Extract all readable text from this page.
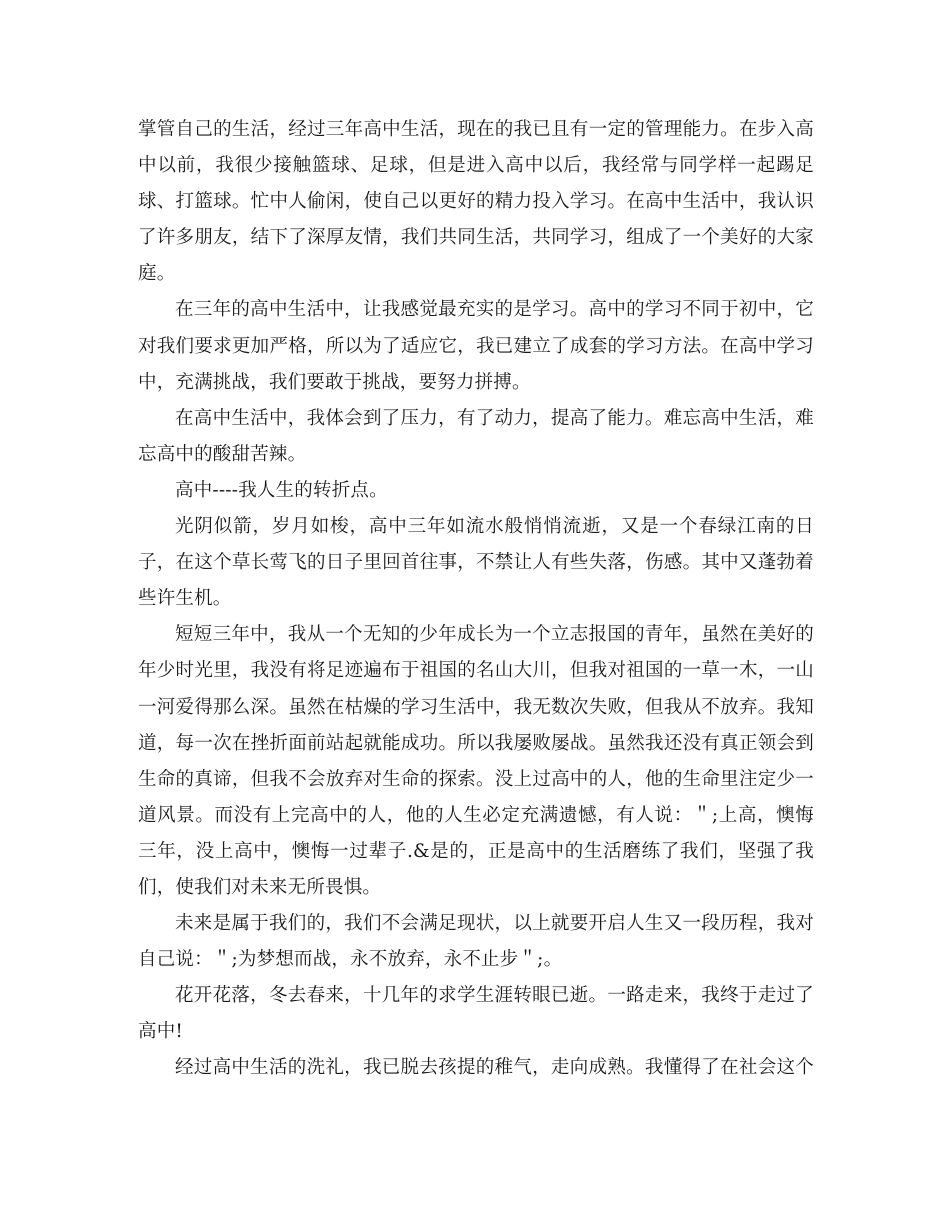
掌管自己的生活，经过三年高中生活，现在的我已且有一定的管理能力。在步入高
中以前，我很少接触篮球、足球，但是进入高中以后，我经常与同学样一起踢足
球、打篮球。忙中人偷闲，使自己以更好的精力投入学习。在高中生活中，我认识
了许多朋友，结下了深厚友情，我们共同生活，共同学习，组成了一个美好的大家
庭。
在三年的高中生活中，让我感觉最充实的是学习。高中的学习不同于初中，它
对我们要求更加严格，所以为了适应它，我已建立了成套的学习方法。在高中学习
中，充满挑战，我们要敢于挑战，要努力拼搏。
在高中生活中，我体会到了压力，有了动力，提高了能力。难忘高中生活，难
忘高中的酸甜苦辣。
高中----我人生的转折点。
光阴似箭，岁月如梭，高中三年如流水般悄悄流逝，又是一个春绿江南的日
子，在这个草长莺飞的日子里回首往事，不禁让人有些失落，伤感。其中又蓬勃着
些许生机。
短短三年中，我从一个无知的少年成长为一个立志报国的青年，虽然在美好的
年少时光里，我没有将足迹遍布于祖国的名山大川，但我对祖国的一草一木，一山
一河爱得那么深。虽然在枯燥的学习生活中，我无数次失败，但我从不放弃。我知
道，每一次在挫折面前站起就能成功。所以我屡败屡战。虽然我还没有真正领会到
生命的真谛，但我不会放弃对生命的探索。没上过高中的人，他的生命里注定少一
道风景。而没有上完高中的人，他的人生必定充满遗憾，有人说：＂;上高，懊悔
三年，没上高中，懊悔一过辈子.&是的，正是高中的生活磨练了我们，坚强了我
们，使我们对未来无所畏惧。
未来是属于我们的，我们不会满足现状，以上就要开启人生又一段历程，我对
自己说：＂;为梦想而战，永不放弃，永不止步＂;。
花开花落，冬去春来，十几年的求学生涯转眼已逝。一路走来，我终于走过了
高中!
经过高中生活的洗礼，我已脱去孩提的稚气，走向成熟。我懂得了在社会这个
